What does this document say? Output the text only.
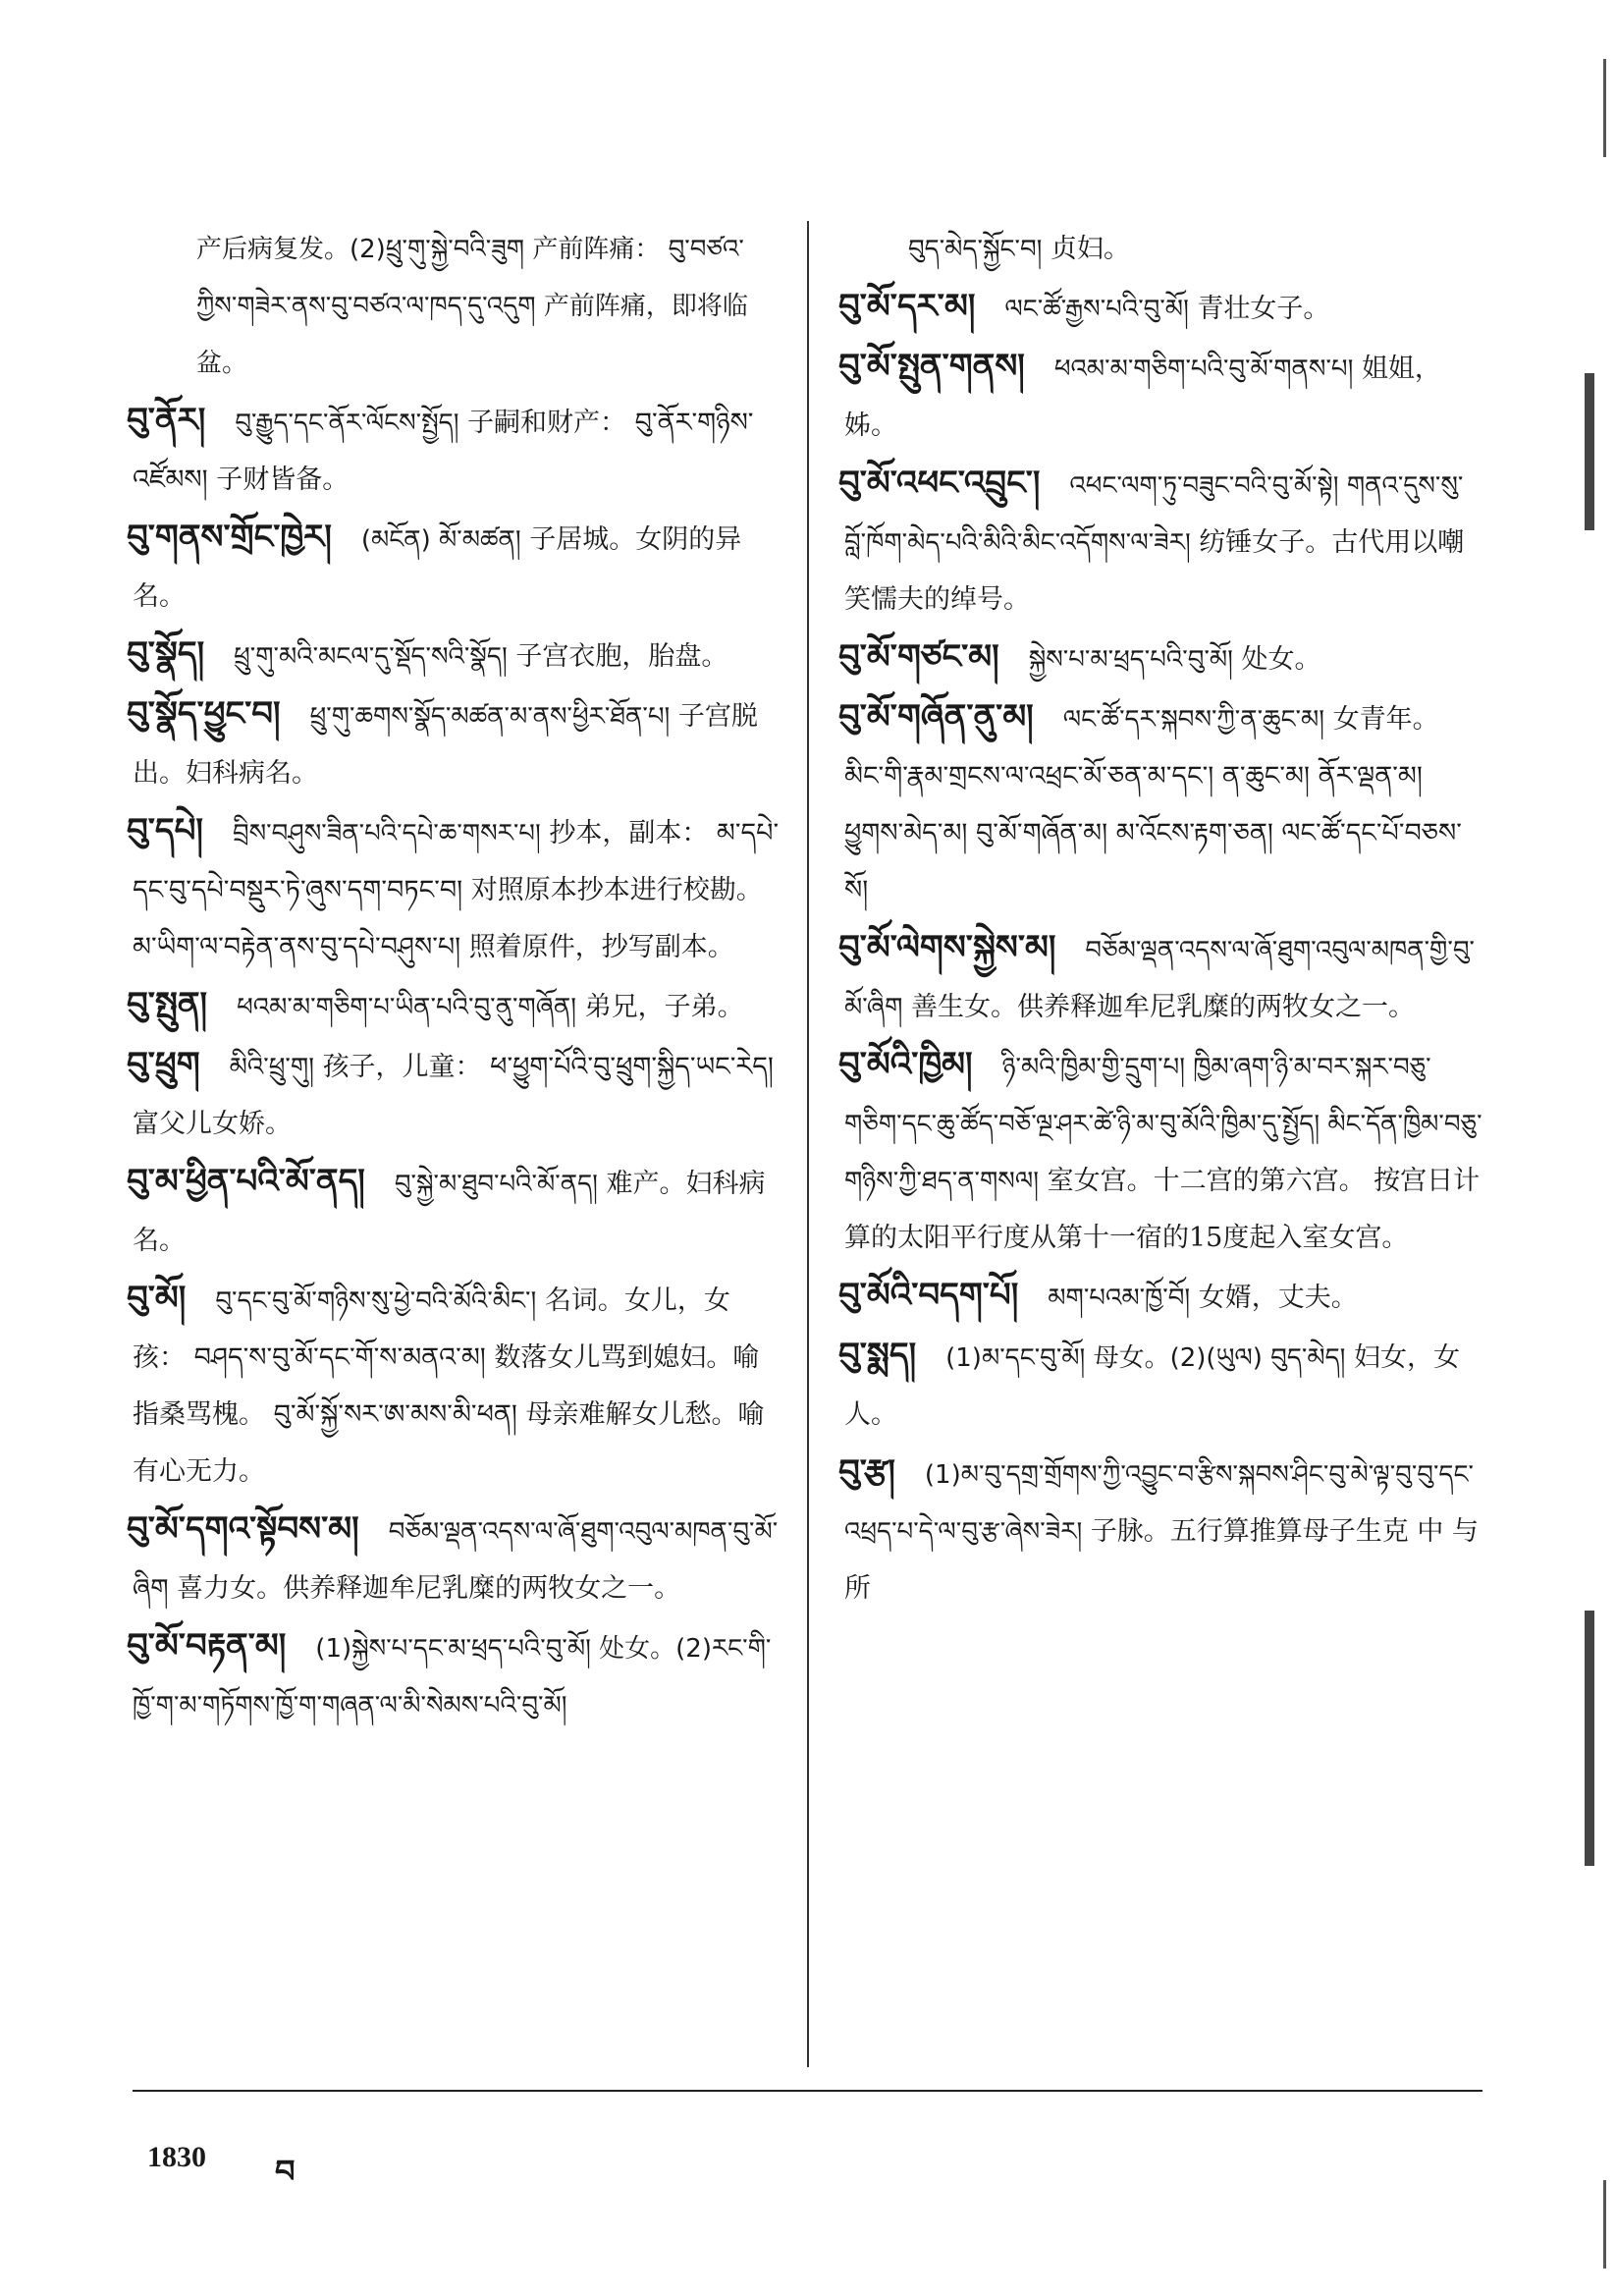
产后病复发。(2)ཕྲུ་གུ་སྐྱེ་བའི་ཟུག 产前阵痛： བུ་བཙའ་ཀྱིས་གཟེར་ནས་བུ་བཙའ་ལ་ཁད་དུ་འདུག 产前阵痛，即将临盆。

བུ་ནོར། བུ་རྒྱུད་དང་ནོར་ལོངས་སྤྱོད། 子嗣和财产： བུ་ནོར་གཉིས་འཛོམས། 子财皆备。

བུ་གནས་གྲོང་ཁྱེར། (མངོན) མོ་མཚན། 子居城。女阴的异名。

བུ་སྣོད། ཕྲུ་གུ་མའི་མངལ་དུ་སྡོད་སའི་སྣོད། 子宫衣胞，胎盘。

བུ་སྣོད་ཕྱུང་བ། ཕྲུ་གུ་ཆགས་སྣོད་མཚན་མ་ནས་ཕྱིར་ཐོན་པ། 子宫脱出。妇科病名。

བུ་དཔེ། བྲིས་བཤུས་ཟིན་པའི་དཔེ་ཆ་གསར་པ། 抄本，副本： མ་དཔེ་དང་བུ་དཔེ་བསྡུར་ཏེ་ཞུས་དག་བཏང་བ། 对照原本抄本进行校勘。 མ་ཡིག་ལ་བརྟེན་ནས་བུ་དཔེ་བཤུས་པ། 照着原件，抄写副本。

བུ་སྤུན། ཕའམ་མ་གཅིག་པ་ཡིན་པའི་བུ་ནུ་གཞོན། 弟兄，子弟。

བུ་ཕྲུག མིའི་ཕྲུ་གུ། 孩子，儿童： ཕ་ཕྱུག་པོའི་བུ་ཕྲུག་སྐྱིད་ཡང་རེད། 富父儿女娇。

བུ་མ་ཕྱིན་པའི་མོ་ནད། བུ་སྐྱེ་མ་ཐུབ་པའི་མོ་ནད། 难产。妇科病名。

བུ་མོ། བུ་དང་བུ་མོ་གཉིས་སུ་ཕྱེ་བའི་མོའི་མིང་། 名词。女儿，女孩： བཤད་ས་བུ་མོ་དང་གོ་ས་མནའ་མ། 数落女儿骂到媳妇。喻指桑骂槐。 བུ་མོ་སྐྱོ་སར་ཨ་མས་མི་ཕན། 母亲难解女儿愁。喻有心无力。

བུ་མོ་དགའ་སྟོབས་མ། བཅོམ་ལྡན་འདས་ལ་ཞོ་ཐུག་འབུལ་མཁན་བུ་མོ་ཞིག 喜力女。供养释迦牟尼乳糜的两牧女之一。

བུ་མོ་བརྟན་མ། (1)སྐྱེས་པ་དང་མ་ཕྲད་པའི་བུ་མོ། 处女。(2)རང་གི་ཁྱོ་ག་མ་གཏོགས་ཁྱོ་ག་གཞན་ལ་མི་སེམས་པའི་བུ་མོ།

བུད་མེད་སྐྱོང་བ། 贞妇。

བུ་མོ་དར་མ། ལང་ཚོ་རྒྱས་པའི་བུ་མོ། 青壮女子。

བུ་མོ་སྤུན་གནས། ཕའམ་མ་གཅིག་པའི་བུ་མོ་གནས་པ། 姐姐，姊。

བུ་མོ་འཕང་འབྲུང་། འཕང་ལག་ཏུ་བཟུང་བའི་བུ་མོ་སྟེ། གནའ་དུས་སུ་བློ་ཁོག་མེད་པའི་མིའི་མིང་འདོགས་ལ་ཟེར། 纺锤女子。古代用以嘲笑懦夫的绰号。

བུ་མོ་གཙང་མ། སྐྱེས་པ་མ་ཕྲད་པའི་བུ་མོ། 处女。

བུ་མོ་གཞོན་ནུ་མ། ལང་ཚོ་དར་སྐབས་ཀྱི་ན་ཆུང་མ། 女青年。 མིང་གི་རྣམ་གྲངས་ལ་འཕྲང་མོ་ཅན་མ་དང་། ན་ཆུང་མ། ནོར་ལྡན་མ། ཕྱུགས་མེད་མ། བུ་མོ་གཞོན་མ། མ་འོངས་རྟག་ཅན། ལང་ཚོ་དང་པོ་བཅས་སོ།

བུ་མོ་ལེགས་སྐྱེས་མ། བཅོམ་ལྡན་འདས་ལ་ཞོ་ཐུག་འབུལ་མཁན་གྱི་བུ་མོ་ཞིག 善生女。供养释迦牟尼乳糜的两牧女之一。

བུ་མོའི་ཁྱིམ། ཉི་མའི་ཁྱིམ་གྱི་དྲུག་པ། ཁྱིམ་ཞག་ཉི་མ་བར་སྐར་བཅུ་གཅིག་དང་ཆུ་ཚོད་བཅོ་ལྔ་ཤར་ཚེ་ཉི་མ་བུ་མོའི་ཁྱིམ་དུ་སྤྱོད། མིང་དོན་ཁྱིམ་བཅུ་གཉིས་ཀྱི་ཐད་ན་གསལ། 室女宫。十二宫的第六宫。 按宫日计算的太阳平行度从第十一宿的15度起入室女宫。

བུ་མོའི་བདག་པོ། མག་པའམ་ཁྱོ་བོ། 女婿，丈夫。

བུ་སྨད། (1)མ་དང་བུ་མོ། 母女。(2)(ཡུལ) བུད་མེད། 妇女，女人。

བུ་རྩ། (1)མ་བུ་དགྲ་གྲོགས་ཀྱི་འབྱུང་བ་རྩིས་སྐབས་ཤིང་བུ་མེ་ལྟ་བུ་བུ་དང་འཕྲད་པ་དེ་ལ་བུ་རྩ་ཞེས་ཟེར། 子脉。五行算推算母子生克 中 与所

1830 བ
